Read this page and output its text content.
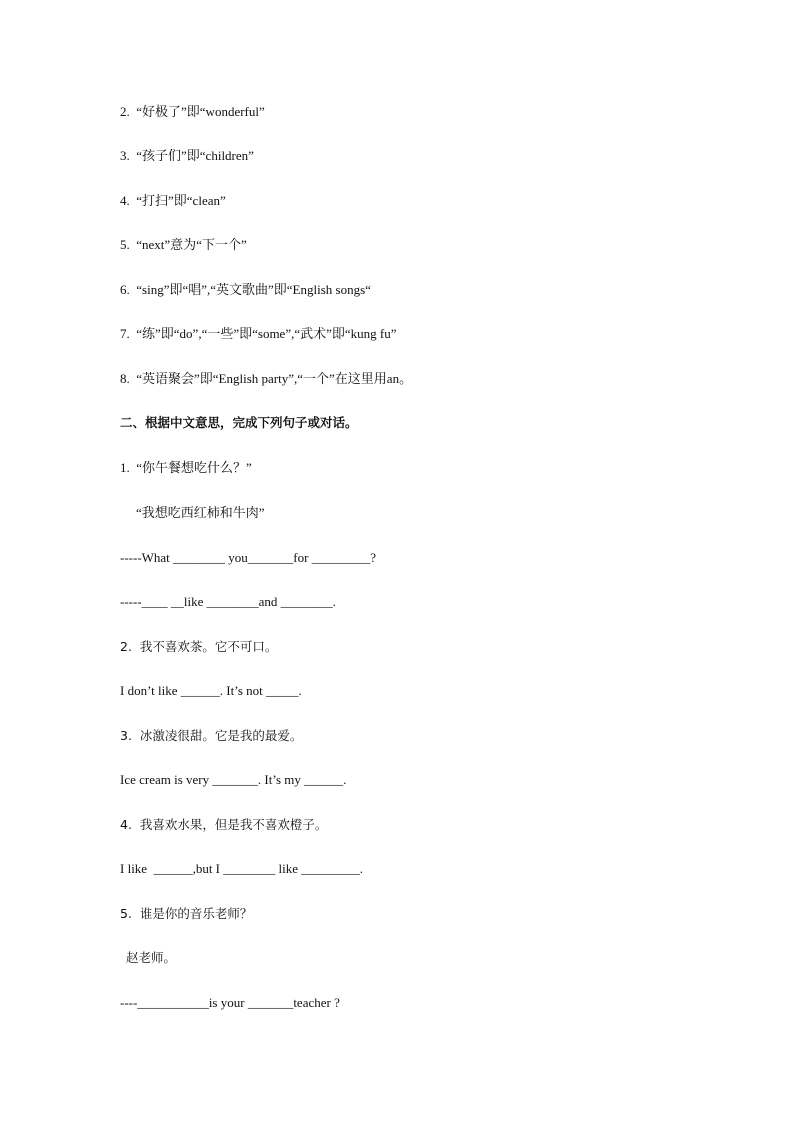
2.  “好极了”即“wonderful”
3.  “孩子们”即“children”
4.  “打扫”即“clean”
5.  “next”意为“下一个”
6.  “sing”即“唱”,“英文歌曲”即“English songs“
7.  “练”即“do”,“一些”即“some”,“武术”即“kung fu”
8.  “英语聚会”即“English party”,“一个”在这里用an。
二、根据中文意思，完成下列句子或对话。
1.  “你午餐想吃什么？”
“我想吃西红柿和牛肉”
-----What ________ you_______for _________?
-----____ __like ________and ________.
2.  我不喜欢茶。它不可口。
I don’t like ______. It’s not _____.
3.  冰激凌很甜。它是我的最爱。
Ice cream is very _______. It’s my ______.
4.  我喜欢水果，但是我不喜欢橙子。
I like  ______,but I ________ like _________.
5.  谁是你的音乐老师？
赵老师。
----___________is your _______teacher ?
